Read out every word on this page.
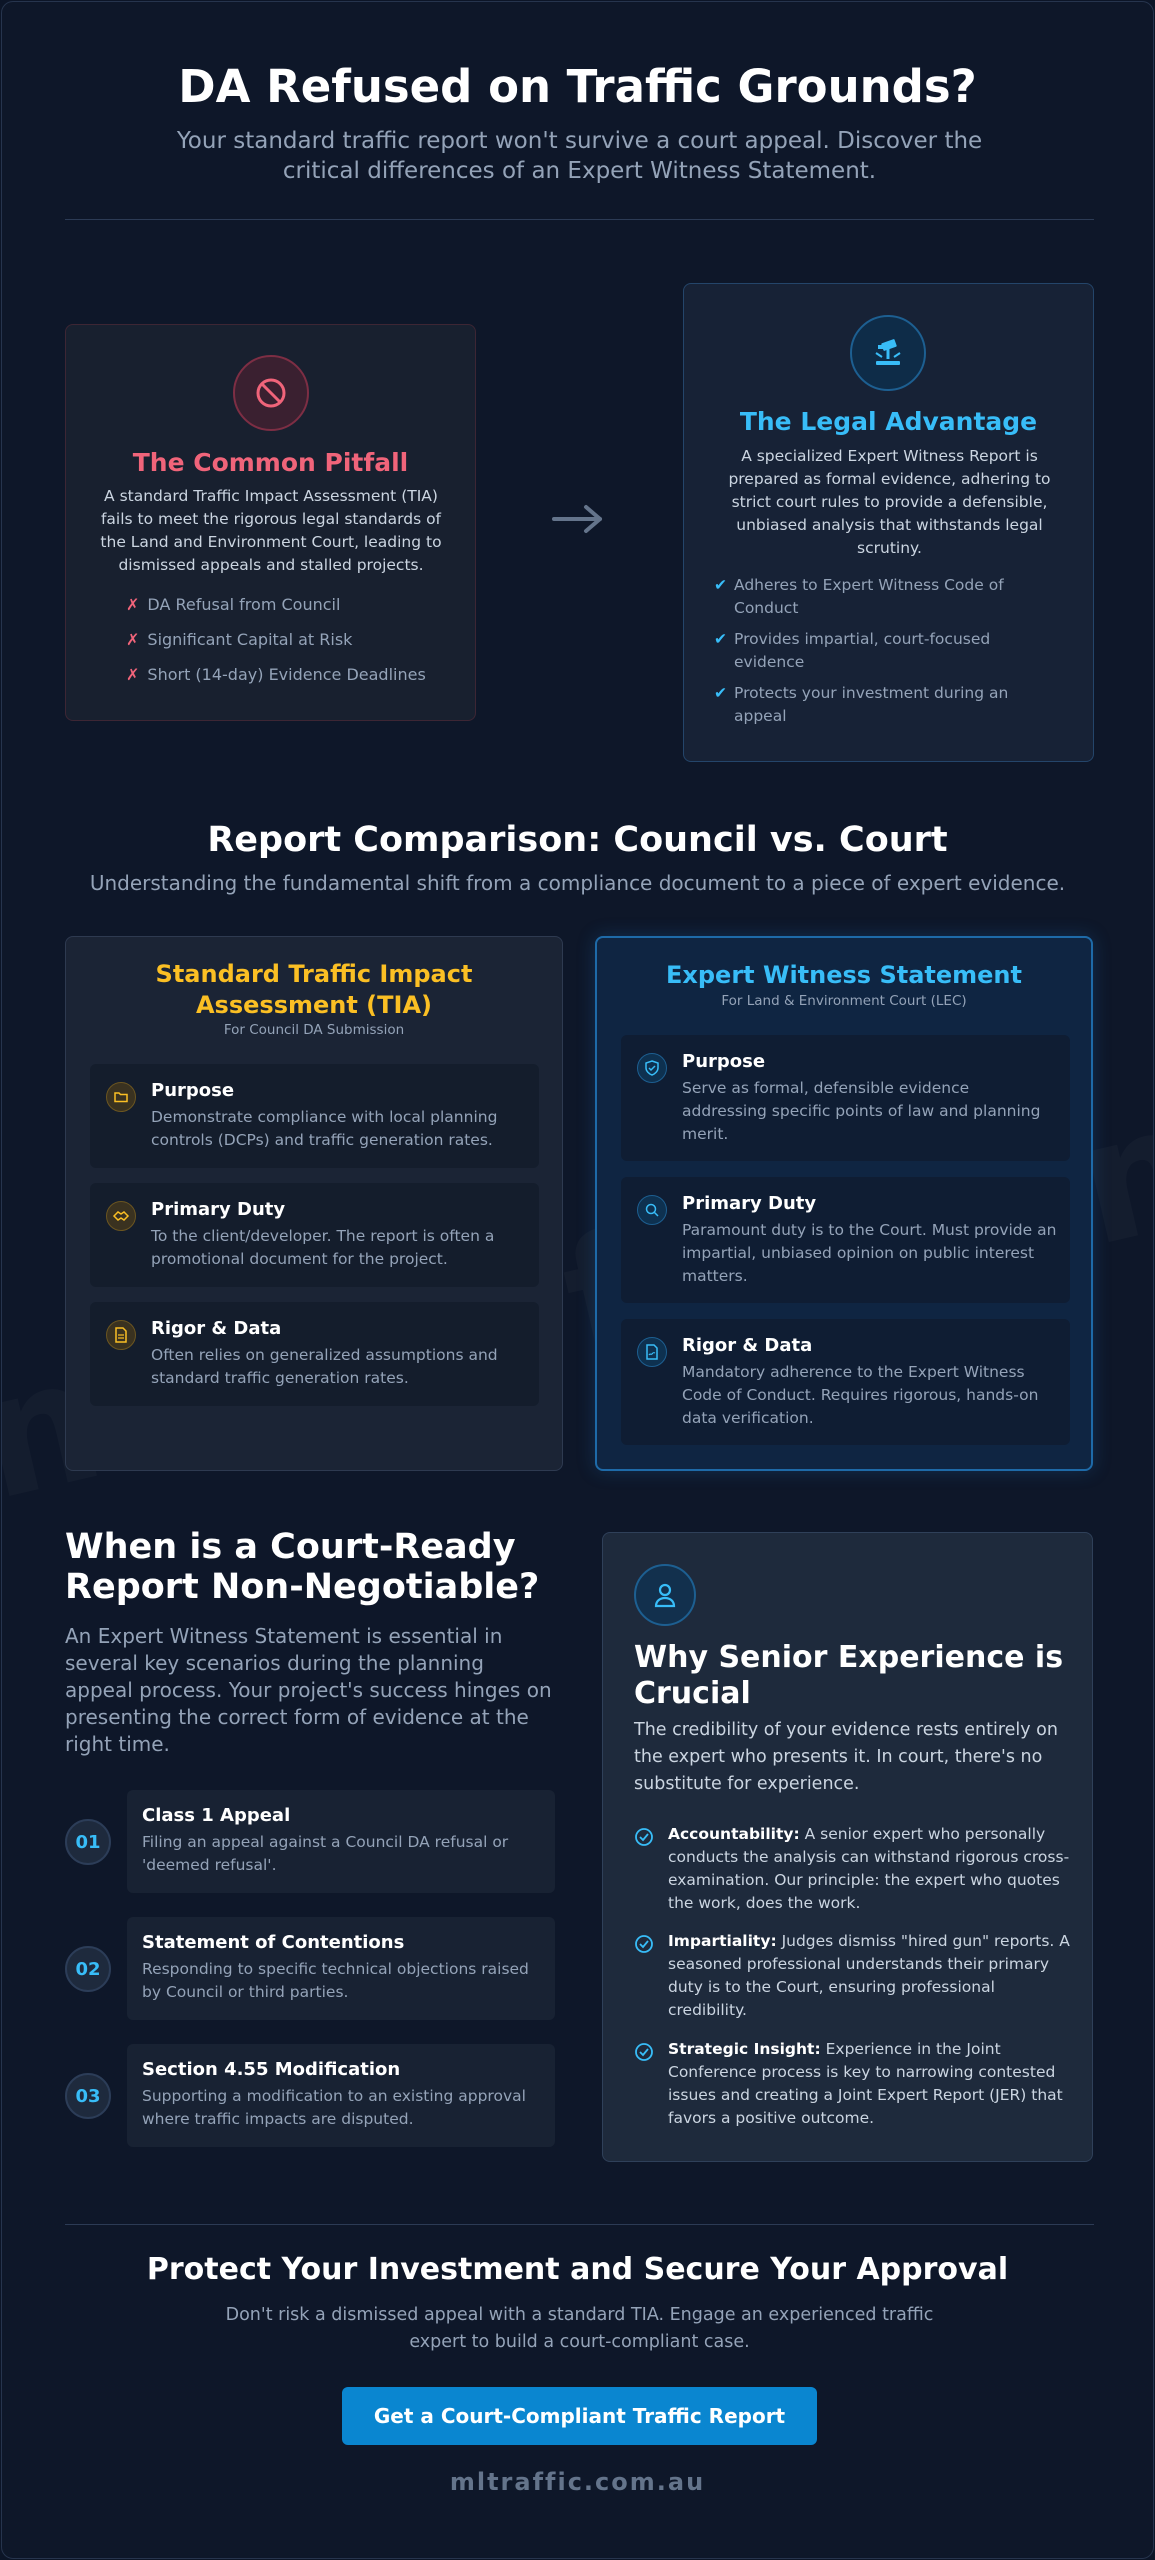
DA Refused on Traffic Grounds?

Your standard traffic report won't survive a court appeal. Discover the critical differences of an Expert Witness Statement.

The Common Pitfall
A standard Traffic Impact Assessment (TIA) fails to meet the rigorous legal standards of the Land and Environment Court, leading to dismissed appeals and stalled projects.
✗ DA Refusal from Council
✗ Significant Capital at Risk
✗ Short (14-day) Evidence Deadlines
The Legal Advantage
A specialized Expert Witness Report is prepared as formal evidence, adhering to strict court rules to provide a defensible, unbiased analysis that withstands legal scrutiny.
✔ Adheres to Expert Witness Code of Conduct
✔ Provides impartial, court-focused evidence
✔ Protects your investment during an appeal
Report Comparison: Council vs. Court

Understanding the fundamental shift from a compliance document to a piece of expert evidence.

Standard Traffic Impact Assessment (TIA)
For Council DA Submission
Purpose
Demonstrate compliance with local planning controls (DCPs) and traffic generation rates.
Primary Duty
To the client/developer. The report is often a promotional document for the project.
Rigor & Data
Often relies on generalized assumptions and standard traffic generation rates.
Expert Witness Statement
For Land & Environment Court (LEC)
Purpose
Serve as formal, defensible evidence addressing specific points of law and planning merit.
Primary Duty
Paramount duty is to the Court. Must provide an impartial, unbiased opinion on public interest matters.
Rigor & Data
Mandatory adherence to the Expert Witness Code of Conduct. Requires rigorous, hands-on data verification.
When is a Court-Ready Report Non-Negotiable?

An Expert Witness Statement is essential in several key scenarios during the planning appeal process. Your project's success hinges on presenting the correct form of evidence at the right time.

01
Class 1 Appeal
Filing an appeal against a Council DA refusal or 'deemed refusal'.
02
Statement of Contentions
Responding to specific technical objections raised by Council or third parties.
03
Section 4.55 Modification
Supporting a modification to an existing approval where traffic impacts are disputed.
Why Senior Experience is Crucial

The credibility of your evidence rests entirely on the expert who presents it. In court, there's no substitute for experience.

Accountability: A senior expert who personally conducts the analysis can withstand rigorous cross-examination. Our principle: the expert who quotes the work, does the work.
Impartiality: Judges dismiss "hired gun" reports. A seasoned professional understands their primary duty is to the Court, ensuring professional credibility.
Strategic Insight: Experience in the Joint Conference process is key to narrowing contested issues and creating a Joint Expert Report (JER) that favors a positive outcome.
Protect Your Investment and Secure Your Approval

Don't risk a dismissed appeal with a standard TIA. Engage an experienced traffic expert to build a court-compliant case.

Get a Court-Compliant Traffic Report
mltraffic.com.au
